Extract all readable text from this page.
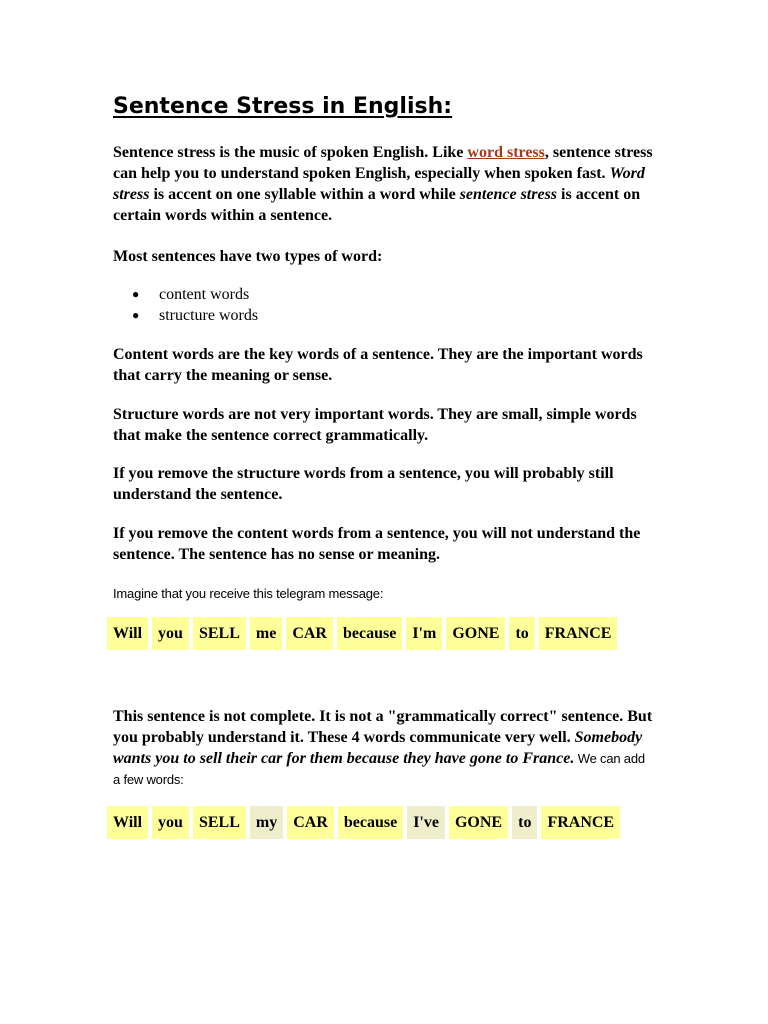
Sentence Stress in English:

Sentence stress is the music of spoken English. Like word stress, sentence stress can help you to understand spoken English, especially when spoken fast. Word stress is accent on one syllable within a word while sentence stress is accent on certain words within a sentence.

Most sentences have two types of word:

● content words
● structure words

Content words are the key words of a sentence. They are the important words that carry the meaning or sense.

Structure words are not very important words. They are small, simple words that make the sentence correct grammatically.

If you remove the structure words from a sentence, you will probably still understand the sentence.

If you remove the content words from a sentence, you will not understand the sentence. The sentence has no sense or meaning.

Imagine that you receive this telegram message:

This sentence is not complete. It is not a "grammatically correct" sentence. But you probably understand it. These 4 words communicate very well. Somebody wants you to sell their car for them because they have gone to France. We can add a few words:

Will	you	SELL	me	CAR	because	I'm	GONE	to	FRANCE
Will	you	SELL	my	CAR	because	I've	GONE	to	FRANCE
